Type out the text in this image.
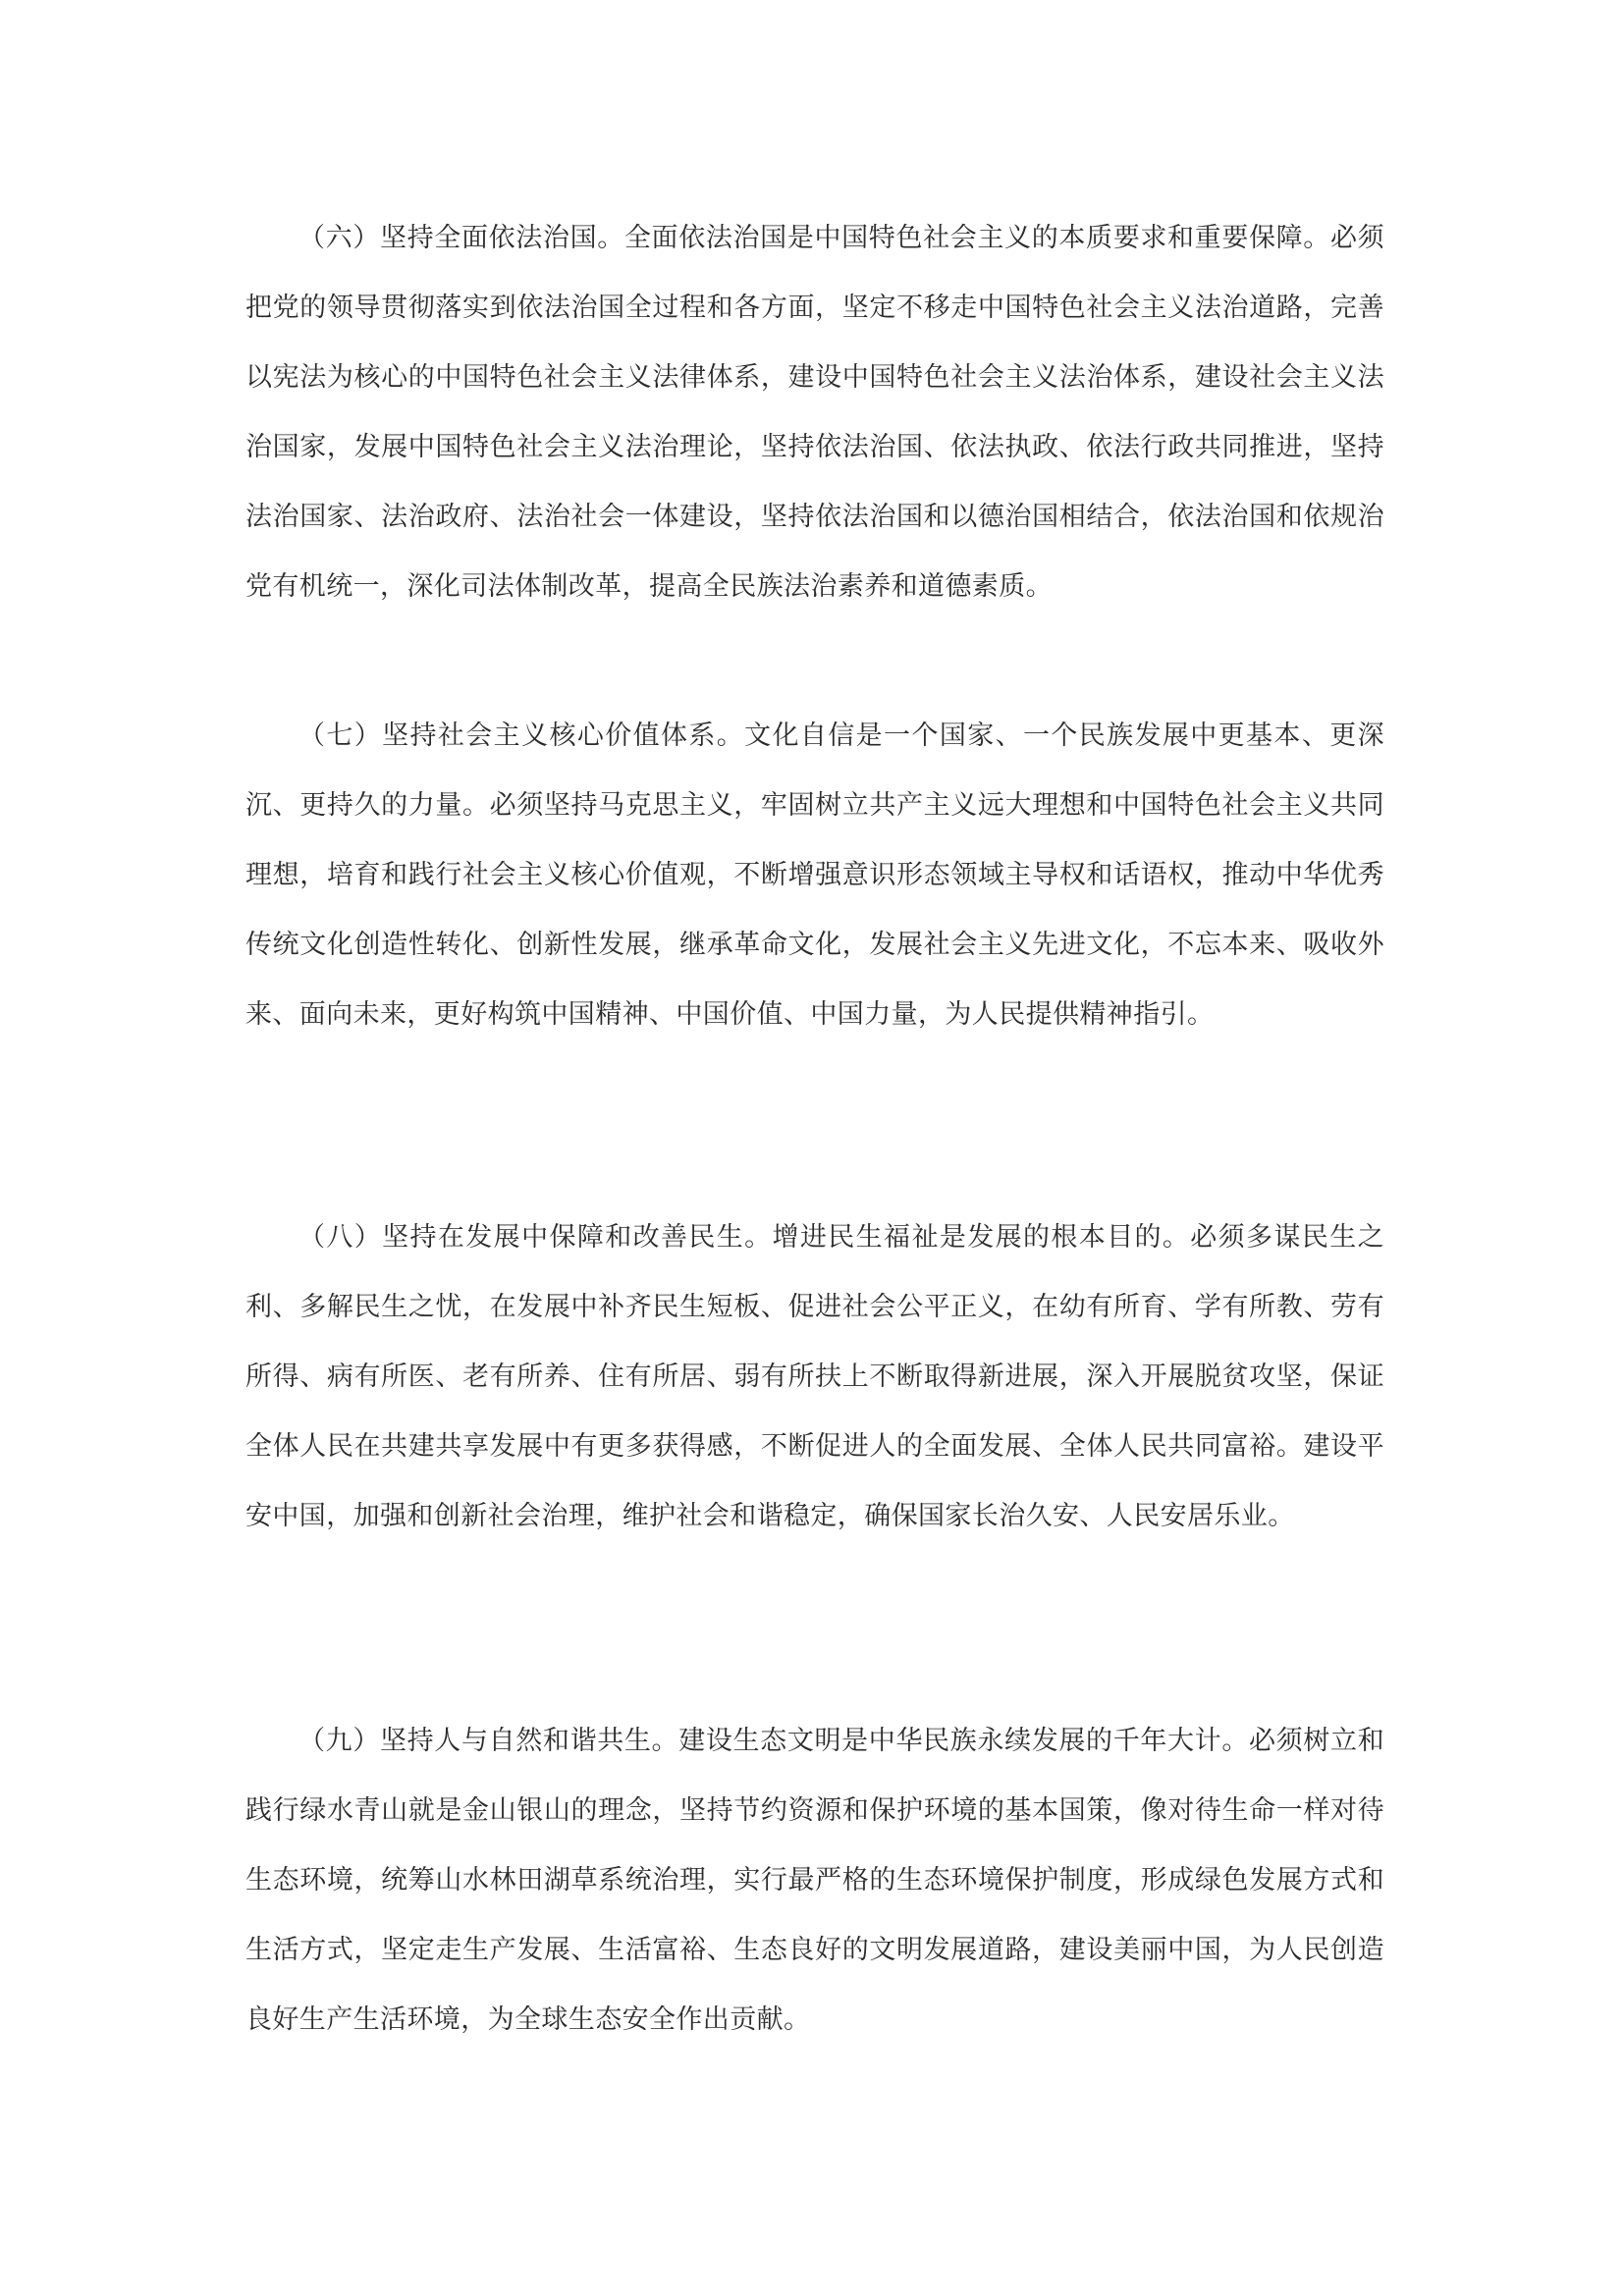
（六）坚持全面依法治国。全面依法治国是中国特色社会主义的本质要求和重要保障。必须把党的领导贯彻落实到依法治国全过程和各方面，坚定不移走中国特色社会主义法治道路，完善以宪法为核心的中国特色社会主义法律体系，建设中国特色社会主义法治体系，建设社会主义法治国家，发展中国特色社会主义法治理论，坚持依法治国、依法执政、依法行政共同推进，坚持法治国家、法治政府、法治社会一体建设，坚持依法治国和以德治国相结合，依法治国和依规治党有机统一，深化司法体制改革，提高全民族法治素养和道德素质。

（七）坚持社会主义核心价值体系。文化自信是一个国家、一个民族发展中更基本、更深沉、更持久的力量。必须坚持马克思主义，牢固树立共产主义远大理想和中国特色社会主义共同理想，培育和践行社会主义核心价值观，不断增强意识形态领域主导权和话语权，推动中华优秀传统文化创造性转化、创新性发展，继承革命文化，发展社会主义先进文化，不忘本来、吸收外来、面向未来，更好构筑中国精神、中国价值、中国力量，为人民提供精神指引。

（八）坚持在发展中保障和改善民生。增进民生福祉是发展的根本目的。必须多谋民生之利、多解民生之忧，在发展中补齐民生短板、促进社会公平正义，在幼有所育、学有所教、劳有所得、病有所医、老有所养、住有所居、弱有所扶上不断取得新进展，深入开展脱贫攻坚，保证全体人民在共建共享发展中有更多获得感，不断促进人的全面发展、全体人民共同富裕。建设平安中国，加强和创新社会治理，维护社会和谐稳定，确保国家长治久安、人民安居乐业。

（九）坚持人与自然和谐共生。建设生态文明是中华民族永续发展的千年大计。必须树立和践行绿水青山就是金山银山的理念，坚持节约资源和保护环境的基本国策，像对待生命一样对待生态环境，统筹山水林田湖草系统治理，实行最严格的生态环境保护制度，形成绿色发展方式和生活方式，坚定走生产发展、生活富裕、生态良好的文明发展道路，建设美丽中国，为人民创造良好生产生活环境，为全球生态安全作出贡献。
